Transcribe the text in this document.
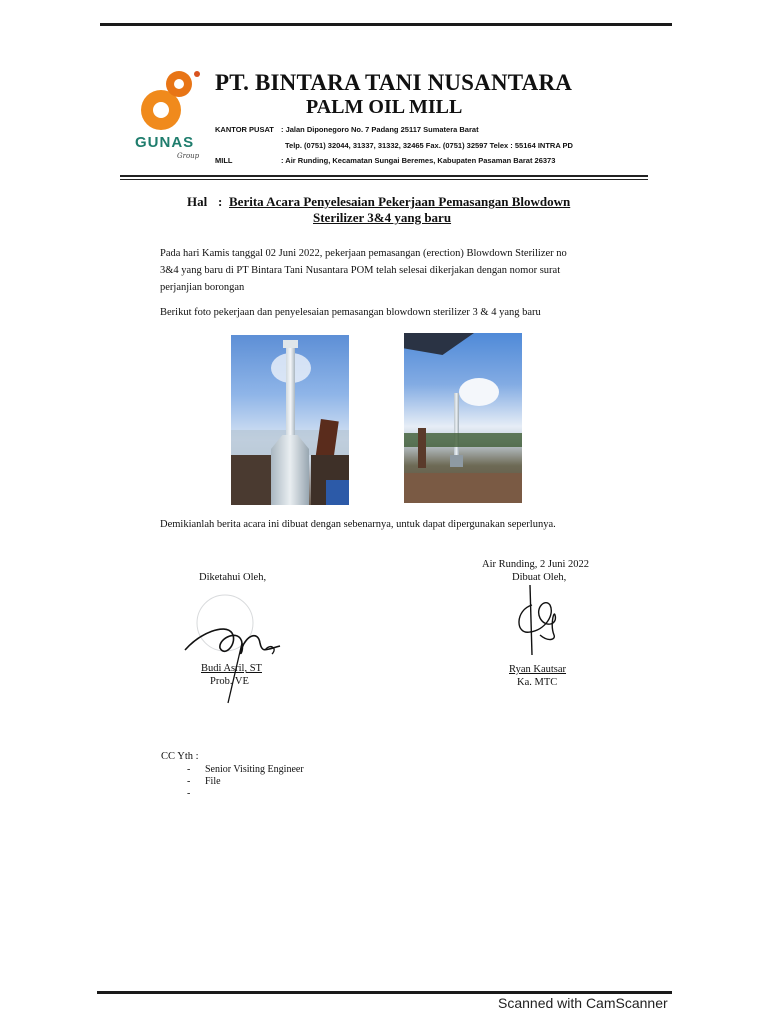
GUNAS
Group
PT. BINTARA TANI NUSANTARA
PALM OIL MILL
KANTOR PUSAT : Jalan Diponegoro No. 7 Padang 25117 Sumatera Barat
Telp. (0751) 32044, 31337, 31332, 32465 Fax. (0751) 32597 Telex : 55164 INTRA PD
MILL	: Air Runding, Kecamatan Sungai Beremes, Kabupaten Pasaman Barat 26373
Hal : Berita Acara Penyelesaian Pekerjaan Pemasangan Blowdown
Sterilizer 3&4 yang baru
Pada hari Kamis tanggal 02 Juni 2022, pekerjaan pemasangan (erection) Blowdown Sterilizer no
3&4 yang baru di PT Bintara Tani Nusantara POM telah selesai dikerjakan dengan nomor surat
perjanjian borongan
Berikut foto pekerjaan dan penyelesaian pemasangan blowdown sterilizer 3 & 4 yang baru
Demikianlah berita acara ini dibuat dengan sebenarnya, untuk dapat dipergunakan seperlunya.
Air Runding, 2 Juni 2022
Diketahui Oleh,	Dibuat Oleh,
Budi Asril, ST
Prob. VE
Ryan Kautsar
Ka. MTC
CC Yth :
- Senior Visiting Engineer
- File
-
Scanned with CamScanner
